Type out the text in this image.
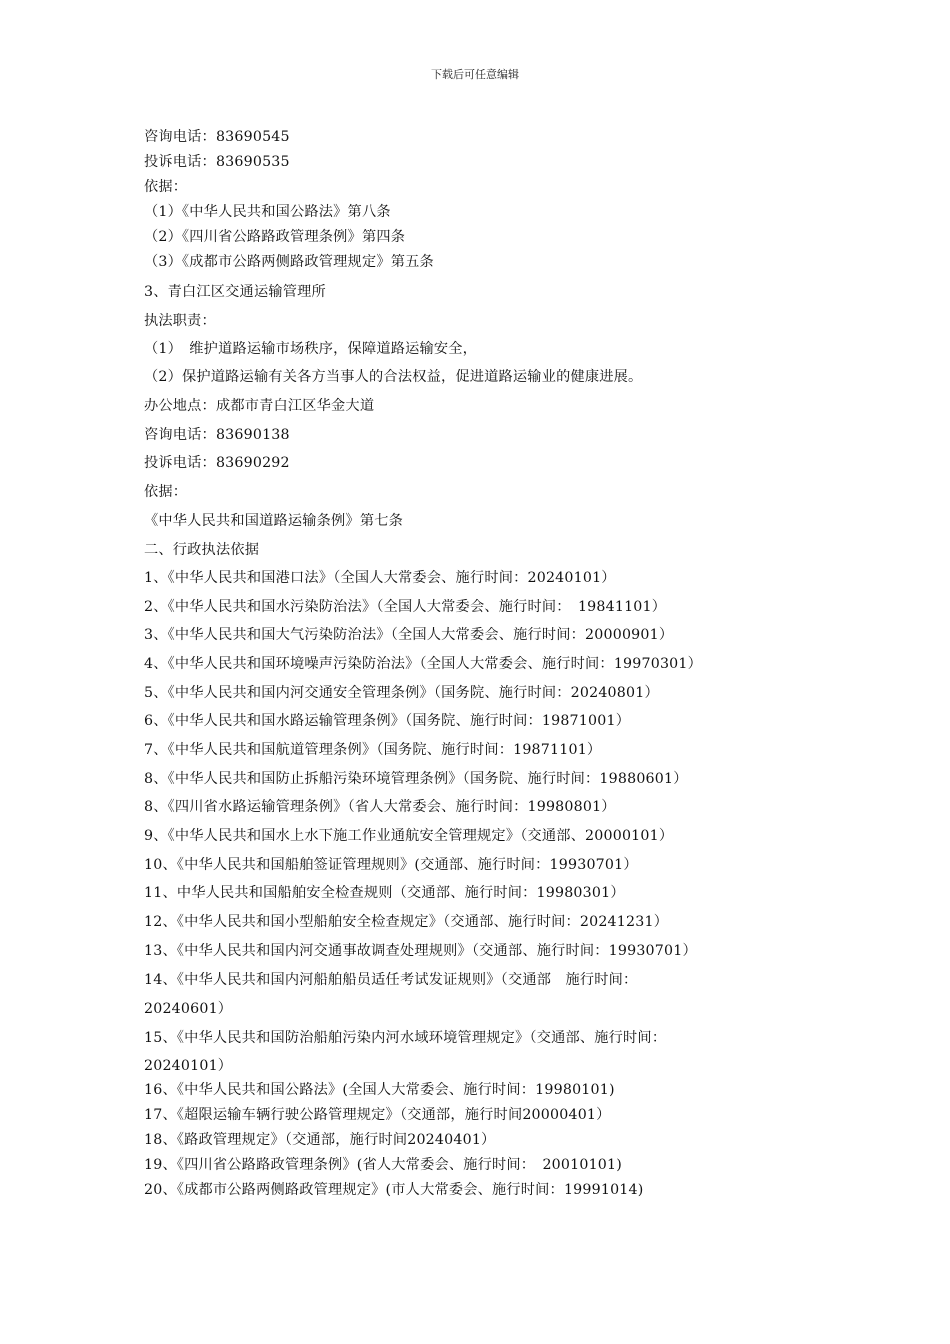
下载后可任意编辑
咨询电话：83690545
投诉电话：83690535
依据：
（1）《中华人民共和国公路法》第八条
（2）《四川省公路路政管理条例》第四条
（3）《成都市公路两侧路政管理规定》第五条
3、青白江区交通运输管理所
执法职责：
（1）　维护道路运输市场秩序，保障道路运输安全，
（2）保护道路运输有关各方当事人的合法权益，促进道路运输业的健康进展。
办公地点：成都市青白江区华金大道
咨询电话：83690138
投诉电话：83690292
依据：
《中华人民共和国道路运输条例》第七条
二、行政执法依据
1、《中华人民共和国港口法》（全国人大常委会、施行时间：20240101）
2、《中华人民共和国水污染防治法》（全国人大常委会、施行时间：　19841101）
3、《中华人民共和国大气污染防治法》（全国人大常委会、施行时间：20000901）
4、《中华人民共和国环境噪声污染防治法》（全国人大常委会、施行时间：19970301）
5、《中华人民共和国内河交通安全管理条例》（国务院、施行时间：20240801）
6、《中华人民共和国水路运输管理条例》（国务院、施行时间：19871001）
7、《中华人民共和国航道管理条例》（国务院、施行时间：19871101）
8、《中华人民共和国防止拆船污染环境管理条例》（国务院、施行时间：19880601）
8、《四川省水路运输管理条例》（省人大常委会、施行时间：19980801）
9、《中华人民共和国水上水下施工作业通航安全管理规定》（交通部、20000101）
10、《中华人民共和国船舶签证管理规则》(交通部、施行时间：19930701）
11、中华人民共和国船舶安全检查规则（交通部、施行时间：19980301）
12、《中华人民共和国小型船舶安全检查规定》（交通部、施行时间：20241231）
13、《中华人民共和国内河交通事故调查处理规则》（交通部、施行时间：19930701）
14、《中华人民共和国内河船舶船员适任考试发证规则》（交通部　施行时间：
20240601）
15、《中华人民共和国防治船舶污染内河水域环境管理规定》（交通部、施行时间：
20240101）
16、《中华人民共和国公路法》(全国人大常委会、施行时间：19980101)
17、《超限运输车辆行驶公路管理规定》（交通部，施行时间20000401）
18、《路政管理规定》（交通部，施行时间20240401）
19、《四川省公路路政管理条例》(省人大常委会、施行时间：　20010101)
20、《成都市公路两侧路政管理规定》(市人大常委会、施行时间：19991014)
